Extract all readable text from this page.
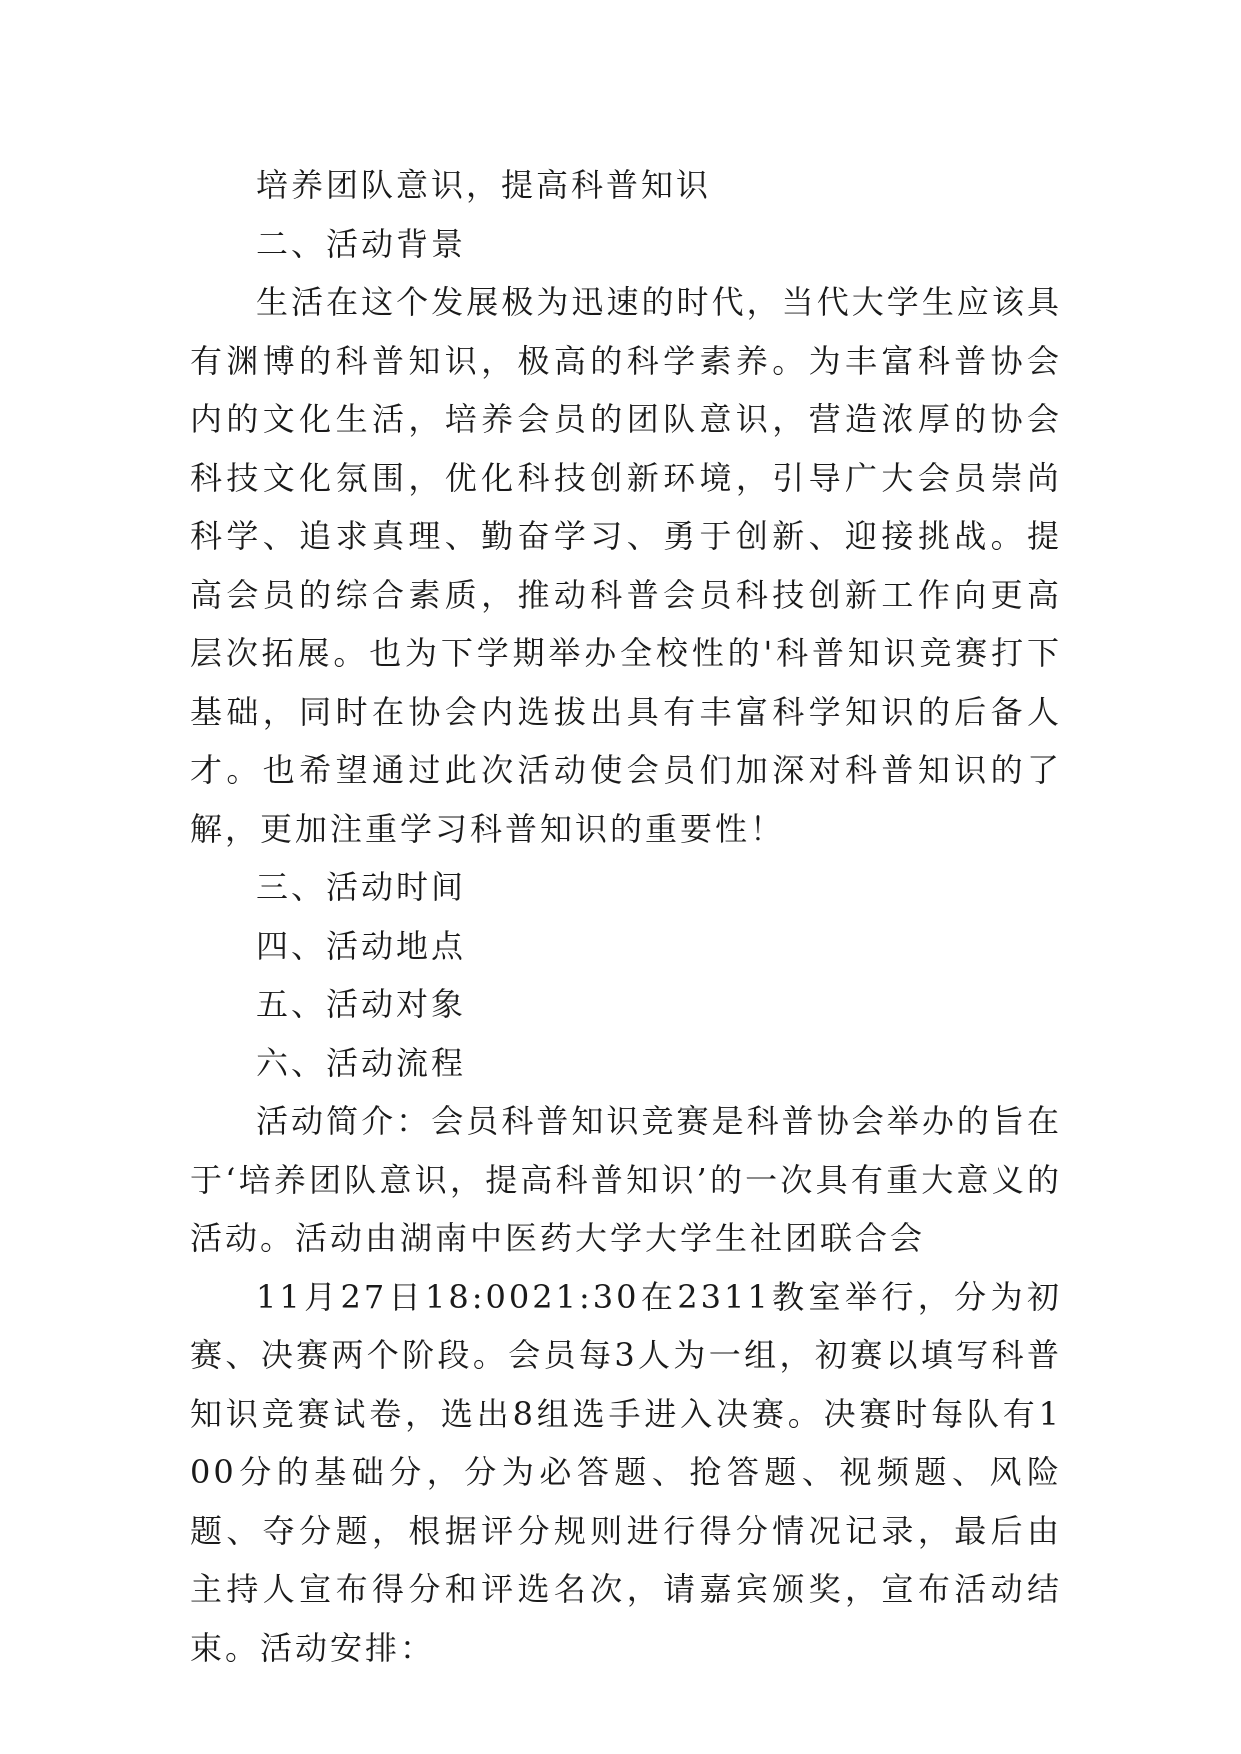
培养团队意识，提高科普知识

二、活动背景

生活在这个发展极为迅速的时代，当代大学生应该具有渊博的科普知识，极高的科学素养。为丰富科普协会内的文化生活，培养会员的团队意识，营造浓厚的协会科技文化氛围，优化科技创新环境，引导广大会员崇尚科学、追求真理、勤奋学习、勇于创新、迎接挑战。提高会员的综合素质，推动科普会员科技创新工作向更高层次拓展。也为下学期举办全校性的'科普知识竞赛打下基础，同时在协会内选拔出具有丰富科学知识的后备人才。也希望通过此次活动使会员们加深对科普知识的了解，更加注重学习科普知识的重要性！

三、活动时间

四、活动地点

五、活动对象

六、活动流程

活动简介：会员科普知识竞赛是科普协会举办的旨在于‘培养团队意识，提高科普知识’的一次具有重大意义的活动。活动由湖南中医药大学大学生社团联合会

11月27日18:0021:30在2311教室举行，分为初赛、决赛两个阶段。会员每3人为一组，初赛以填写科普知识竞赛试卷，选出8组选手进入决赛。决赛时每队有100分的基础分，分为必答题、抢答题、视频题、风险题、夺分题，根据评分规则进行得分情况记录，最后由主持人宣布得分和评选名次，请嘉宾颁奖，宣布活动结束。活动安排：
